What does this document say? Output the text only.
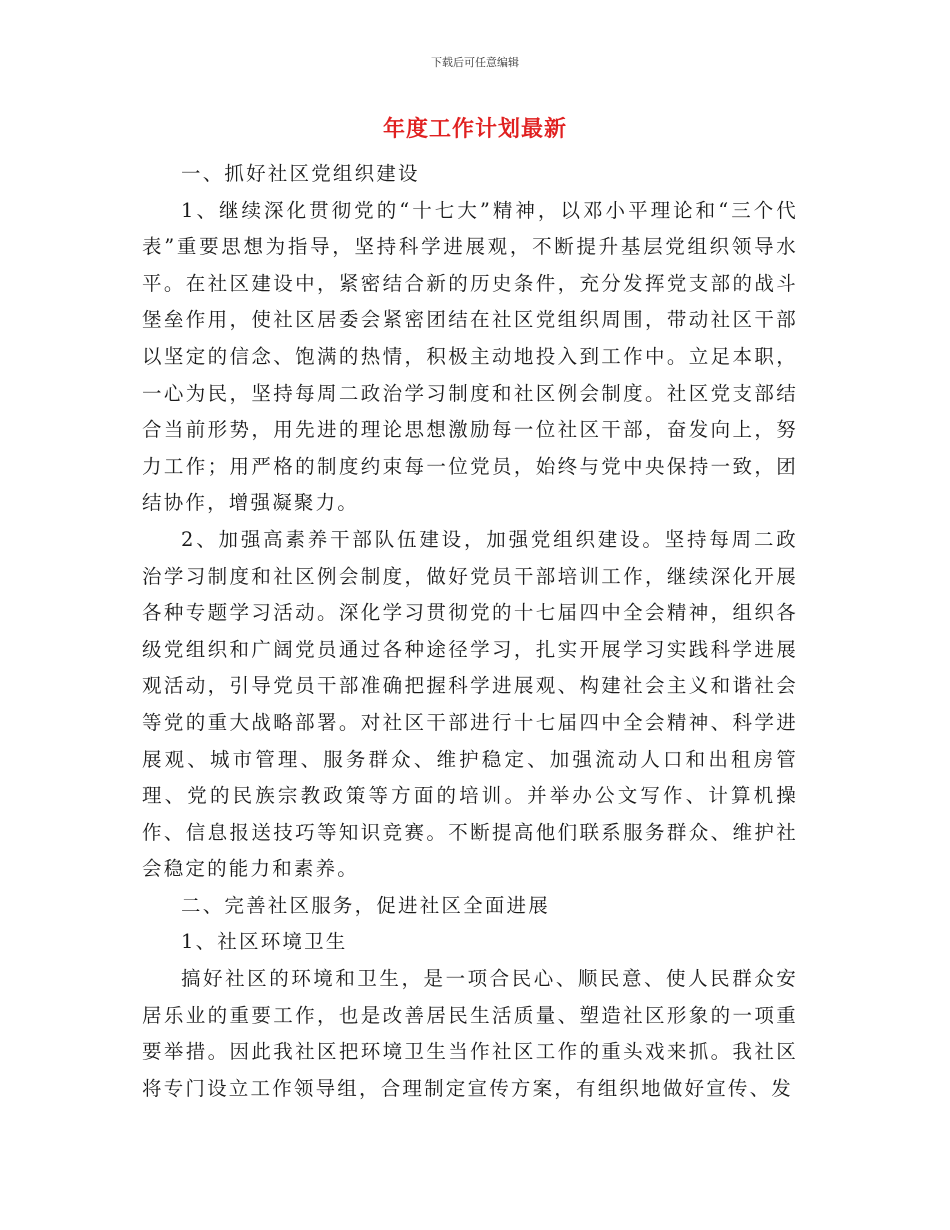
下载后可任意编辑
年度工作计划最新

一、抓好社区党组织建设

1、继续深化贯彻党的“十七大”精神，以邓小平理论和“三个代表”重要思想为指导，坚持科学进展观，不断提升基层党组织领导水平。在社区建设中，紧密结合新的历史条件，充分发挥党支部的战斗堡垒作用，使社区居委会紧密团结在社区党组织周围，带动社区干部以坚定的信念、饱满的热情，积极主动地投入到工作中。立足本职，一心为民，坚持每周二政治学习制度和社区例会制度。社区党支部结合当前形势，用先进的理论思想激励每一位社区干部，奋发向上，努力工作；用严格的制度约束每一位党员，始终与党中央保持一致，团结协作，增强凝聚力。

2、加强高素养干部队伍建设，加强党组织建设。坚持每周二政治学习制度和社区例会制度，做好党员干部培训工作，继续深化开展各种专题学习活动。深化学习贯彻党的十七届四中全会精神，组织各级党组织和广阔党员通过各种途径学习，扎实开展学习实践科学进展观活动，引导党员干部准确把握科学进展观、构建社会主义和谐社会等党的重大战略部署。对社区干部进行十七届四中全会精神、科学进展观、城市管理、服务群众、维护稳定、加强流动人口和出租房管理、党的民族宗教政策等方面的培训。并举办公文写作、计算机操作、信息报送技巧等知识竞赛。不断提高他们联系服务群众、维护社会稳定的能力和素养。

二、完善社区服务，促进社区全面进展

1、社区环境卫生

搞好社区的环境和卫生，是一项合民心、顺民意、使人民群众安居乐业的重要工作，也是改善居民生活质量、塑造社区形象的一项重要举措。因此我社区把环境卫生当作社区工作的重头戏来抓。我社区将专门设立工作领导组，合理制定宣传方案，有组织地做好宣传、发
